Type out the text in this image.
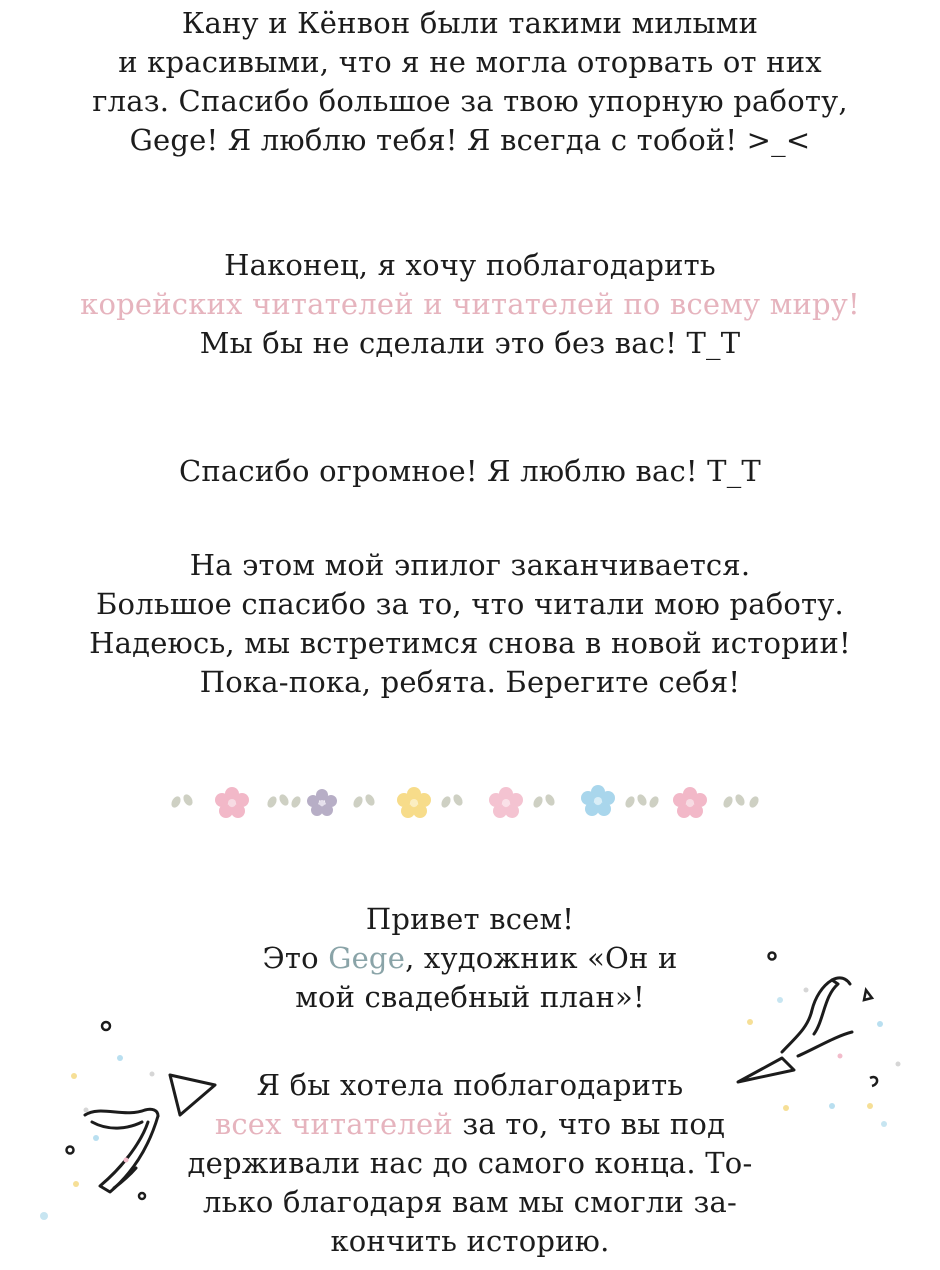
Кану и Кёнвон были такими милыми
и красивыми, что я не могла оторвать от них
глаз. Спасибо большое за твою упорную работу,
Gege! Я люблю тебя! Я всегда с тобой! >_<
Наконец, я хочу поблагодарить
корейских читателей и читателей по всему миру!
Мы бы не сделали это без вас! T_T
Спасибо огромное! Я люблю вас! T_T
На этом мой эпилог заканчивается.
Большое спасибо за то, что читали мою работу.
Надеюсь, мы встретимся снова в новой истории!
Пока-пока, ребята. Берегите себя!
Привет всем!
Это Gege, художник «Он и
мой свадебный план»!
Я бы хотела поблагодарить
всех читателей за то, что вы под
держивали нас до самого конца. То-
лько благодаря вам мы смогли за-
кончить историю.
